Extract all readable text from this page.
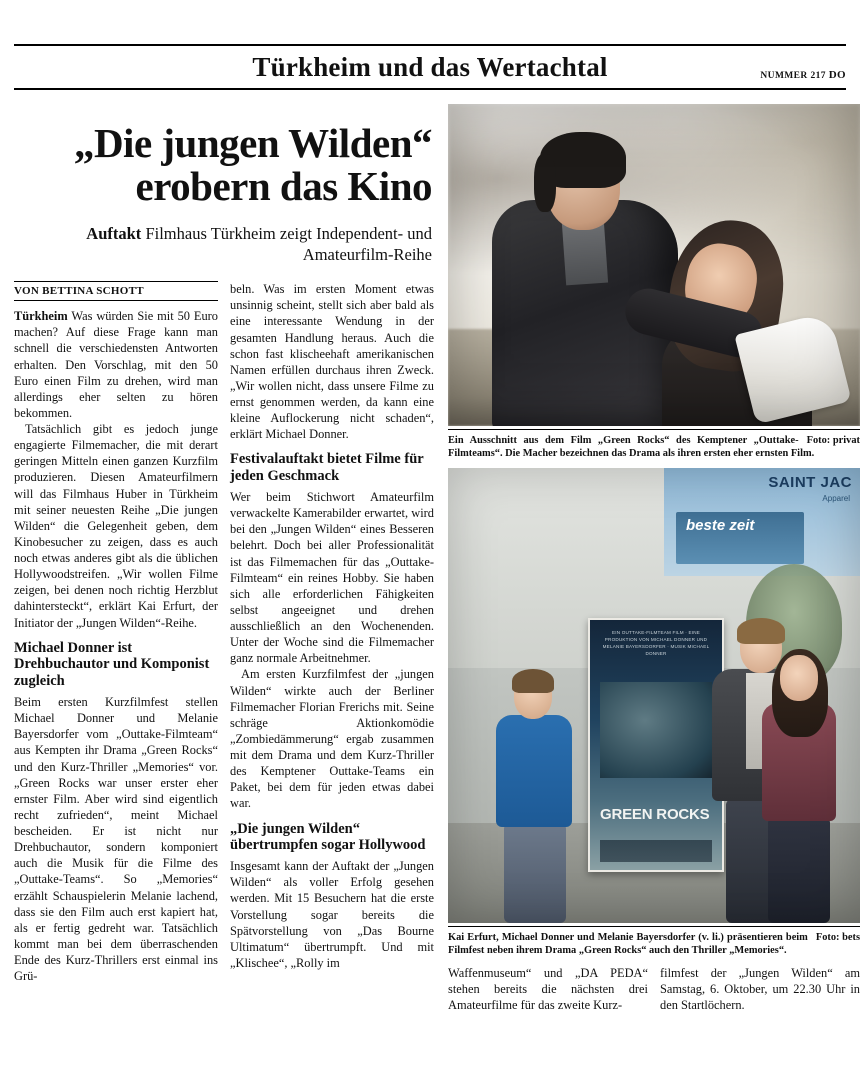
Türkheim und das Wertachtal	NUMMER 217 DO
„Die jungen Wilden“ erobern das Kino
Auftakt Filmhaus Türkheim zeigt Independent- und Amateurfilm-Reihe
VON BETTINA SCHOTT

Türkheim Was würden Sie mit 50 Euro machen? Auf diese Frage kann man schnell die verschiedensten Antworten erhalten. Den Vorschlag, mit den 50 Euro einen Film zu drehen, wird man allerdings eher selten zu hören bekommen.

Tatsächlich gibt es jedoch junge engagierte Filmemacher, die mit derart geringen Mitteln einen ganzen Kurzfilm produzieren. Diesen Amateurfilmern will das Filmhaus Huber in Türkheim mit seiner neuesten Reihe „Die jungen Wilden“ die Gelegenheit geben, dem Kinobesucher zu zeigen, dass es auch noch etwas anderes gibt als die üblichen Hollywoodstreifen. „Wir wollen Filme zeigen, bei denen noch richtig Herzblut dahintersteckt“, erklärt Kai Erfurt, der Initiator der „Jungen Wilden“-Reihe.

Michael Donner ist Drehbuchautor und Komponist zugleich

Beim ersten Kurzfilmfest stellen Michael Donner und Melanie Bayersdorfer vom „Outtake-Filmteam“ aus Kempten ihr Drama „Green Rocks“ und den Kurz-Thriller „Memories“ vor. „Green Rocks war unser erster eher ernster Film. Aber wird sind eigentlich recht zufrieden“, meint Michael bescheiden. Er ist nicht nur Drehbuchautor, sondern komponiert auch die Musik für die Filme des „Outtake-Teams“. So „Memories“ erzählt Schauspielerin Melanie lachend, dass sie den Film auch erst kapiert hat, als er fertig gedreht war. Tatsächlich kommt man bei dem überraschenden Ende des Kurz-Thrillers erst einmal ins Grü-

beln. Was im ersten Moment etwas unsinnig scheint, stellt sich aber bald als eine interessante Wendung in der gesamten Handlung heraus. Auch die schon fast klischeehaft amerikanischen Namen erfüllen durchaus ihren Zweck. „Wir wollen nicht, dass unsere Filme zu ernst genommen werden, da kann eine kleine Auflockerung nicht schaden“, erklärt Michael Donner.

Festivalauftakt bietet Filme für jeden Geschmack

Wer beim Stichwort Amateurfilm verwackelte Kamerabilder erwartet, wird bei den „Jungen Wilden“ eines Besseren belehrt. Doch bei aller Professionalität ist das Filmemachen für das „Outtake-Filmteam“ ein reines Hobby. Sie haben sich alle erforderlichen Fähigkeiten selbst angeeignet und drehen ausschließlich an den Wochenenden. Unter der Woche sind die Filmemacher ganz normale Arbeitnehmer.

Am ersten Kurzfilmfest der „jungen Wilden“ wirkte auch der Berliner Filmemacher Florian Frerichs mit. Seine schräge Aktionkomödie „Zombiedämmerung“ ergab zusammen mit dem Drama und dem Kurz-Thriller des Kemptener Outtake-Teams ein Paket, bei dem für jeden etwas dabei war.

„Die jungen Wilden“ übertrumpfen sogar Hollywood

Insgesamt kann der Auftakt der „Jungen Wilden“ als voller Erfolg gesehen werden. Mit 15 Besuchern hat die erste Vorstellung sogar bereits die Spätvorstellung von „Das Bourne Ultimatum“ übertrumpft. Und mit „Klischee“, „Rolly im

Foto: privat
Ein Ausschnitt aus dem Film „Green Rocks“ des Kemptener „Outtake-Filmteams“. Die Macher bezeichnen das Drama als ihren ersten eher ernsten Film.
SAINT JAC
Apparel
beste zeit
EIN OUTTAKE-FILMTEAM FILM · EINE PRODUKTION VON MICHAEL DONNER UND MELANIE BAYERSDORFER · MUSIK MICHAEL DONNER
GREEN ROCKS
Foto: bets
Kai Erfurt, Michael Donner und Melanie Bayersdorfer (v. li.) präsentieren beim Filmfest neben ihrem Drama „Green Rocks“ auch den Thriller „Memories“.

Waffenmuseum“ und „DA PEDA“ stehen bereits die nächsten drei Amateurfilme für das zweite Kurz-

filmfest der „Jungen Wilden“ am Samstag, 6. Oktober, um 22.30 Uhr in den Startlöchern.
